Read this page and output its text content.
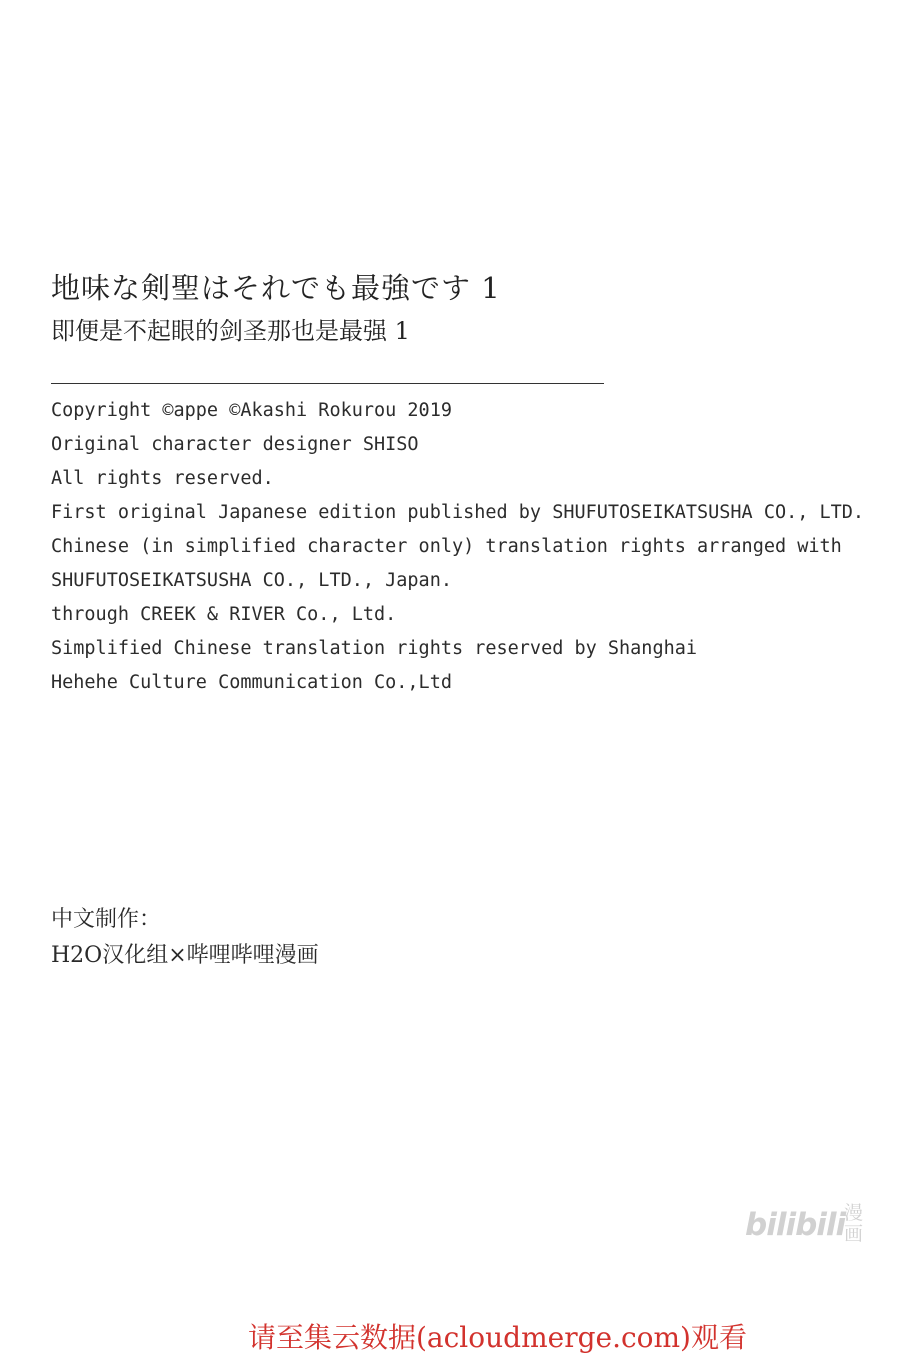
地味な剣聖はそれでも最強です 1
即便是不起眼的剑圣那也是最强 1
Copyright ©appe ©Akashi Rokurou 2019
Original character designer SHISO
All rights reserved.
First original Japanese edition published by SHUFUTOSEIKATSUSHA CO., LTD.
Chinese (in simplified character only) translation rights arranged with
SHUFUTOSEIKATSUSHA CO., LTD., Japan.
through CREEK & RIVER Co., Ltd.
Simplified Chinese translation rights reserved by Shanghai
Hehehe Culture Communication Co.,Ltd
中文制作：
H2O汉化组×哔哩哔哩漫画
bilibili
漫画
请至集云数据(acloudmerge.com)观看
